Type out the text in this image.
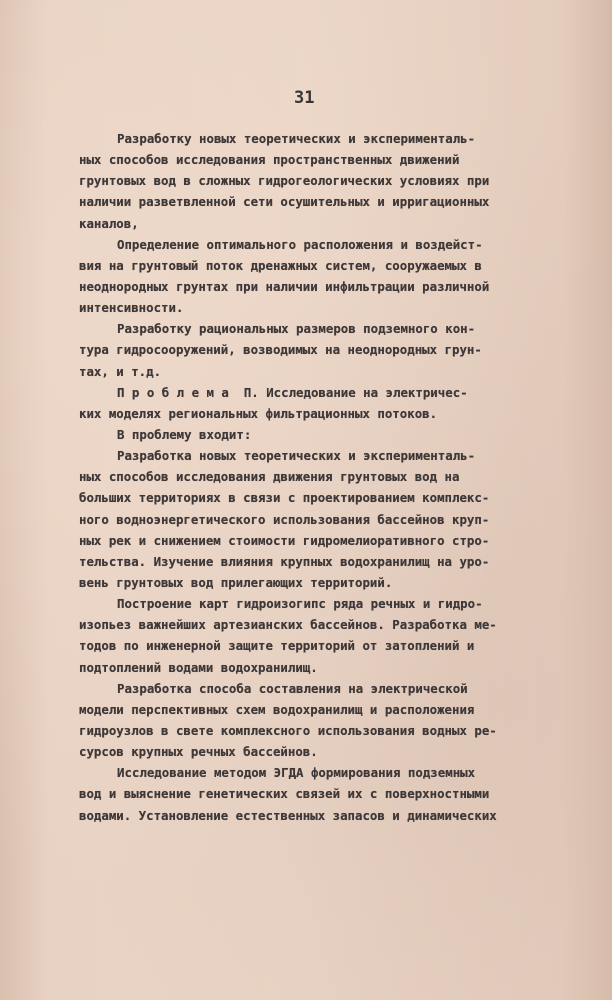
31
Разработку новых теоретических и эксперименталь-
ных способов исследования пространственных движений
грунтовых вод в сложных гидрогеологических условиях при
наличии разветвленной сети осушительных и ирригационных
каналов,
Определение оптимального расположения и воздейст-
вия на грунтовый поток дренажных систем, сооружаемых в
неоднородных грунтах при наличии инфильтрации различной
интенсивности.
Разработку рациональных размеров подземного кон-
тура гидросооружений, возводимых на неоднородных грун-
тах, и т.д.
П р о б л е м а  П. Исследование на электричес-
ких моделях региональных фильтрационных потоков.
В проблему входит:
Разработка новых теоретических и эксперименталь-
ных способов исследования движения грунтовых вод на
больших территориях в связи с проектированием комплекс-
ного водноэнергетического использования бассейнов круп-
ных рек и снижением стоимости гидромелиоративного стро-
тельства. Изучение влияния крупных водохранилищ на уро-
вень грунтовых вод прилегающих территорий.
Построение карт гидроизогипс ряда речных и гидро-
изопьез важнейших артезианских бассейнов. Разработка ме-
тодов по инженерной защите территорий от затоплений и
подтоплений водами водохранилищ.
Разработка способа составления на электрической
модели перспективных схем водохранилищ и расположения
гидроузлов в свете комплексного использования водных ре-
сурсов крупных речных бассейнов.
Исследование методом ЭГДА формирования подземных
вод и выяснение генетических связей их с поверхностными
водами. Установление естественных запасов и динамических
